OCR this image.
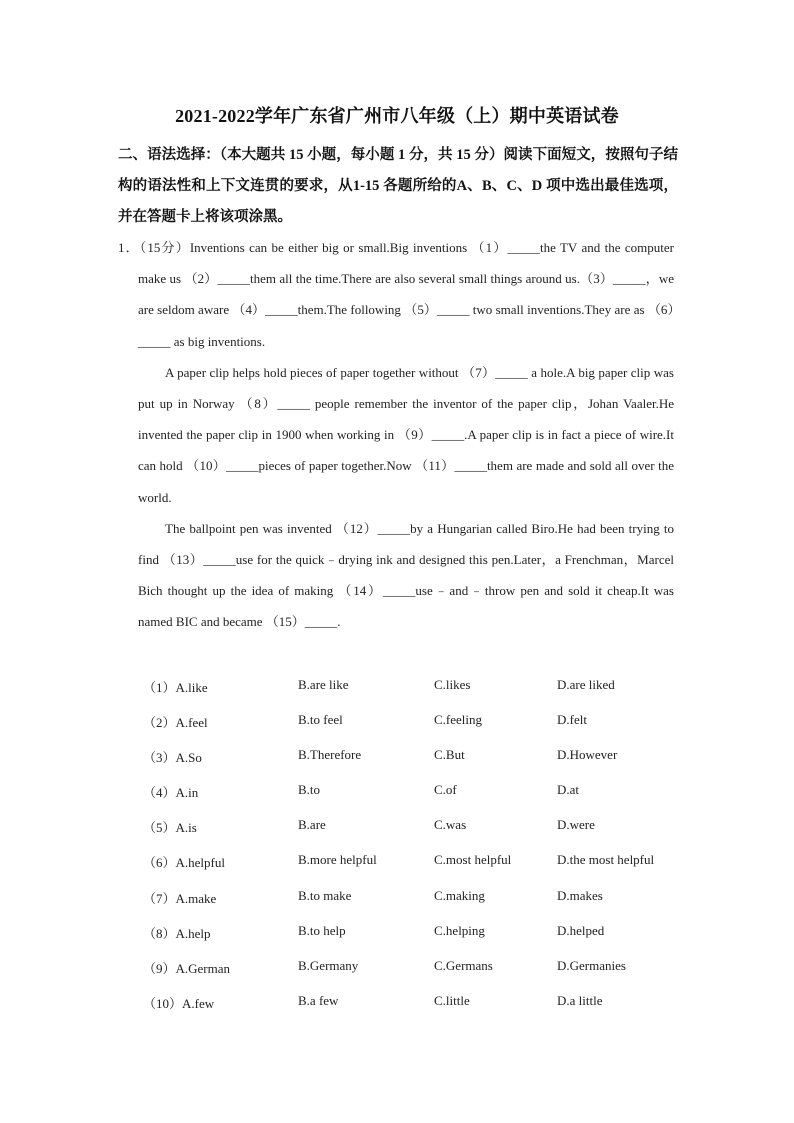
2021-2022学年广东省广州市八年级（上）期中英语试卷

二、语法选择：（本大题共 15 小题，每小题 1 分，共 15 分）阅读下面短文，按照句子结构的语法性和上下文连贯的要求，从1-15 各题所给的A、B、C、D 项中选出最佳选项，并在答题卡上将该项涂黑。

1．（15分）Inventions can be either big or small.Big inventions （1）_____the TV and the computer make us （2）_____them all the time.There are also several small things around us.（3）_____，we are seldom aware （4）_____them.The following （5）_____ two small inventions.They are as （6）_____ as big inventions.

A paper clip helps hold pieces of paper together without （7）_____ a hole.A big paper clip was put up in Norway （8）_____ people remember the inventor of the paper clip，Johan Vaaler.He invented the paper clip in 1900 when working in （9）_____.A paper clip is in fact a piece of wire.It can hold （10）_____pieces of paper together.Now （11）_____them are made and sold all over the world.

The ballpoint pen was invented （12）_____by a Hungarian called Biro.He had been trying to find （13）_____use for the quick﹣drying ink and designed this pen.Later，a Frenchman，Marcel Bich thought up the idea of making （14）_____use﹣and﹣throw pen and sold it cheap.It was named BIC and became （15）_____.

（1）A.like	B.are like	C.likes	D.are liked
（2）A.feel	B.to feel	C.feeling	D.felt
（3）A.So	B.Therefore	C.But	D.However
（4）A.in	B.to	C.of	D.at
（5）A.is	B.are	C.was	D.were
（6）A.helpful	B.more helpful	C.most helpful	D.the most helpful
（7）A.make	B.to make	C.making	D.makes
（8）A.help	B.to help	C.helping	D.helped
（9）A.German	B.Germany	C.Germans	D.Germanies
（10）A.few	B.a few	C.little	D.a little
